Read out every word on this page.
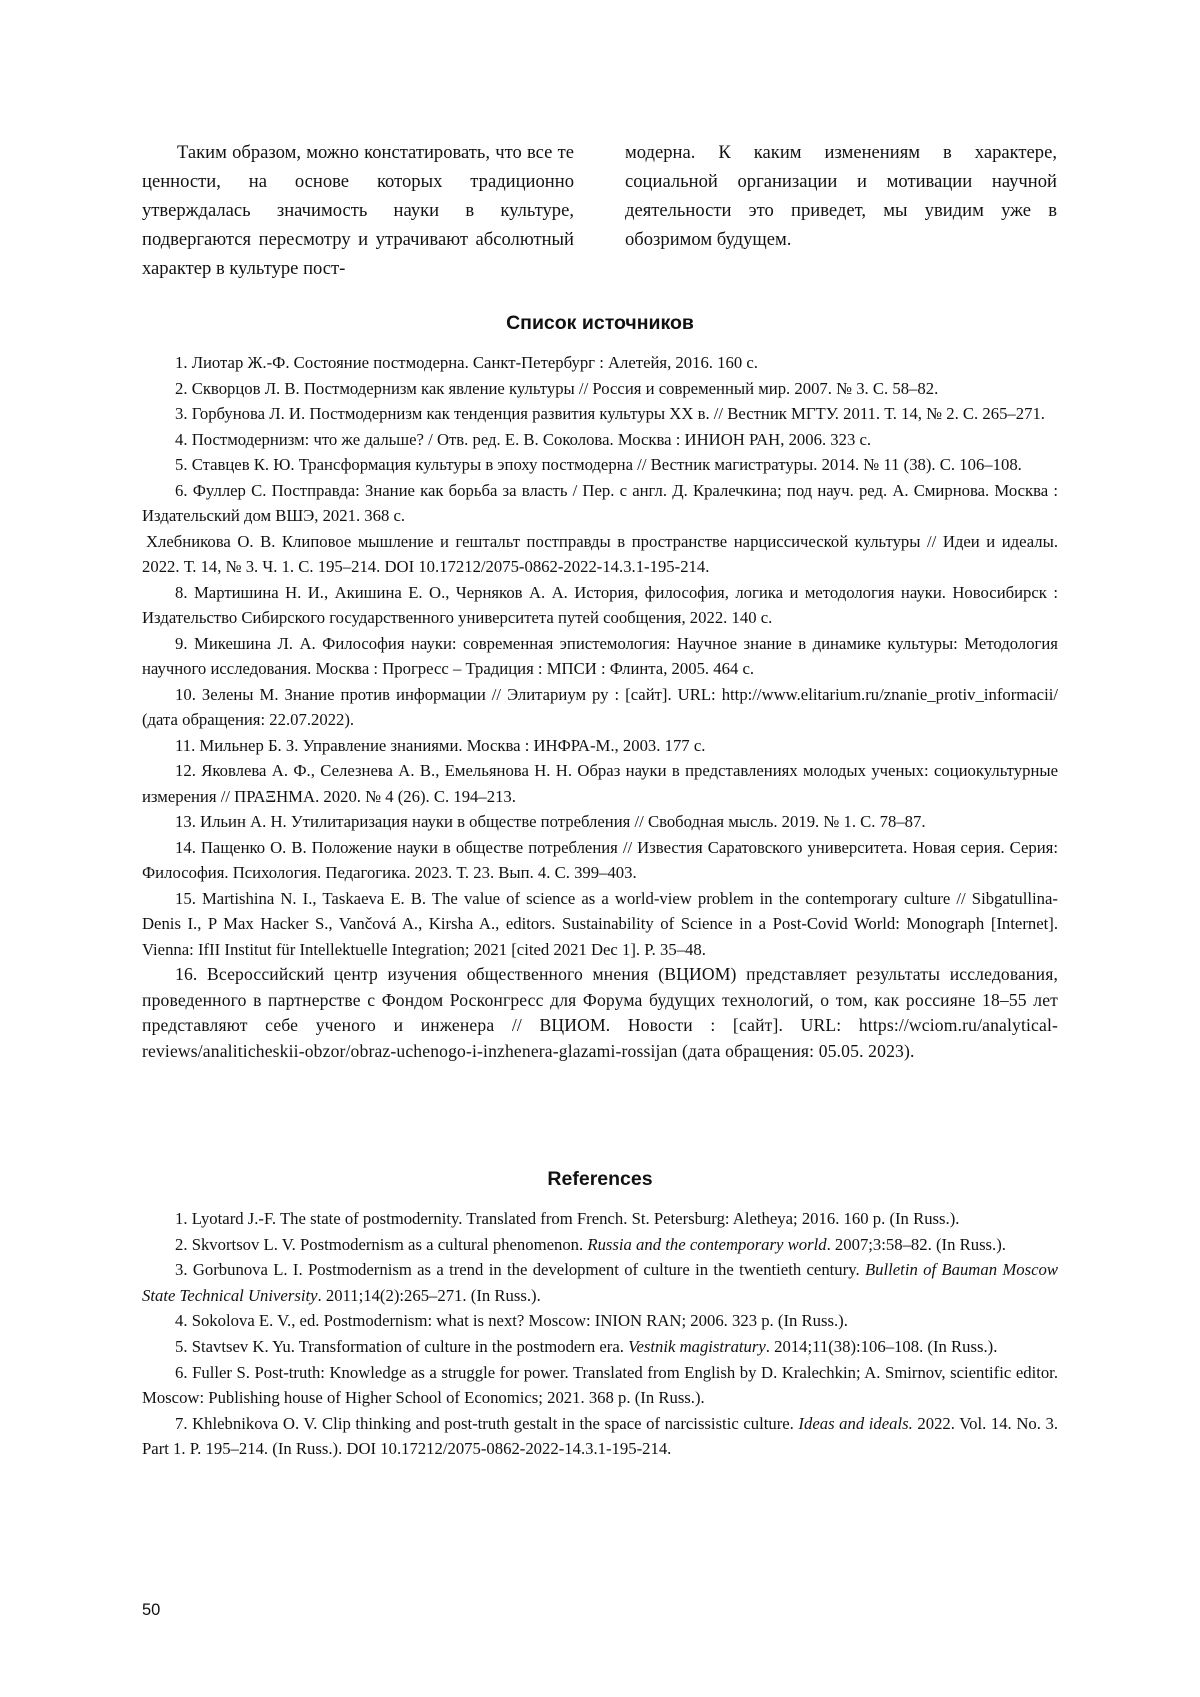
Таким образом, можно констатировать, что все те ценности, на основе которых традиционно утверждалась значимость науки в культуре, подвергаются пересмотру и утрачивают абсолютный характер в культуре пост-

модерна. К каким изменениям в характере, социальной организации и мотивации научной деятельности это приведет, мы увидим уже в обозримом будущем.

Список источников
1. Лиотар Ж.-Ф. Состояние постмодерна. Санкт-Петербург : Алетейя, 2016. 160 с.
2. Скворцов Л. В. Постмодернизм как явление культуры // Россия и современный мир. 2007. № 3. С. 58–82.
3. Горбунова Л. И. Постмодернизм как тенденция развития культуры XX в. // Вестник МГТУ. 2011. Т. 14, № 2. С. 265–271.
4. Постмодернизм: что же дальше? / Отв. ред. Е. В. Соколова. Москва : ИНИОН РАН, 2006. 323 с.
5. Ставцев К. Ю. Трансформация культуры в эпоху постмодерна // Вестник магистратуры. 2014. № 11 (38). С. 106–108.
6. Фуллер С. Постправда: Знание как борьба за власть / Пер. с англ. Д. Кралечкина; под науч. ред. А. Смирнова. Москва : Издательский дом ВШЭ, 2021. 368 с.
Хлебникова О. В. Клиповое мышление и гештальт постправды в пространстве нарциссической культуры // Идеи и идеалы. 2022. Т. 14, № 3. Ч. 1. С. 195–214. DOI 10.17212/2075-0862-2022-14.3.1-195-214.
8. Мартишина Н. И., Акишина Е. О., Черняков А. А. История, философия, логика и методология науки. Новосибирск : Издательство Сибирского государственного университета путей сообщения, 2022. 140 с.
9. Микешина Л. А. Философия науки: современная эпистемология: Научное знание в динамике культуры: Методология научного исследования. Москва : Прогресс – Традиция : МПСИ : Флинта, 2005. 464 с.
10. Зелены М. Знание против информации // Элитариум ру : [сайт]. URL: http://www.elitarium.ru/znanie_protiv_informacii/ (дата обращения: 22.07.2022).
11. Мильнер Б. З. Управление знаниями. Москва : ИНФРА-М., 2003. 177 с.
12. Яковлева А. Ф., Селезнева А. В., Емельянова Н. Н. Образ науки в представлениях молодых ученых: социокультурные измерения // ПРАΞНМА. 2020. № 4 (26). С. 194–213.
13. Ильин А. Н. Утилитаризация науки в обществе потребления // Свободная мысль. 2019. № 1. С. 78–87.
14. Пащенко О. В. Положение науки в обществе потребления // Известия Саратовского университета. Новая серия. Серия: Философия. Психология. Педагогика. 2023. Т. 23. Вып. 4. С. 399–403.
15. Martishina N. I., Taskaeva E. B. The value of science as a world-view problem in the contemporary culture // Sibgatullina-Denis I., P Max Hacker S., Vančová A., Kirsha A., editors. Sustainability of Science in a Post-Covid World: Monograph [Internet]. Vienna: IfII Institut für Intellektuelle Integration; 2021 [cited 2021 Dec 1]. P. 35–48.
16. Всероссийский центр изучения общественного мнения (ВЦИОМ) представляет результаты исследования, проведенного в партнерстве с Фондом Росконгресс для Форума будущих технологий, о том, как россияне 18–55 лет представляют себе ученого и инженера // ВЦИОМ. Новости : [сайт]. URL: https://wciom.ru/analytical-reviews/analiticheskii-obzor/obraz-uchenogo-i-inzhenera-glazami-rossijan (дата обращения: 05.05. 2023).
References
1. Lyotard J.-F. The state of postmodernity. Translated from French. St. Petersburg: Aletheya; 2016. 160 p. (In Russ.).
2. Skvortsov L. V. Postmodernism as a cultural phenomenon. Russia and the contemporary world. 2007;3:58–82. (In Russ.).
3. Gorbunova L. I. Postmodernism as a trend in the development of culture in the twentieth century. Bulletin of Bauman Moscow State Technical University. 2011;14(2):265–271. (In Russ.).
4. Sokolova E. V., ed. Postmodernism: what is next? Moscow: INION RAN; 2006. 323 p. (In Russ.).
5. Stavtsev K. Yu. Transformation of culture in the postmodern era. Vestnik magistratury. 2014;11(38):106–108. (In Russ.).
6. Fuller S. Post-truth: Knowledge as a struggle for power. Translated from English by D. Kralechkin; A. Smirnov, scientific editor. Moscow: Publishing house of Higher School of Economics; 2021. 368 p. (In Russ.).
7. Khlebnikova O. V. Clip thinking and post-truth gestalt in the space of narcissistic culture. Ideas and ideals. 2022. Vol. 14. No. 3. Part 1. P. 195–214. (In Russ.). DOI 10.17212/2075-0862-2022-14.3.1-195-214.
50
